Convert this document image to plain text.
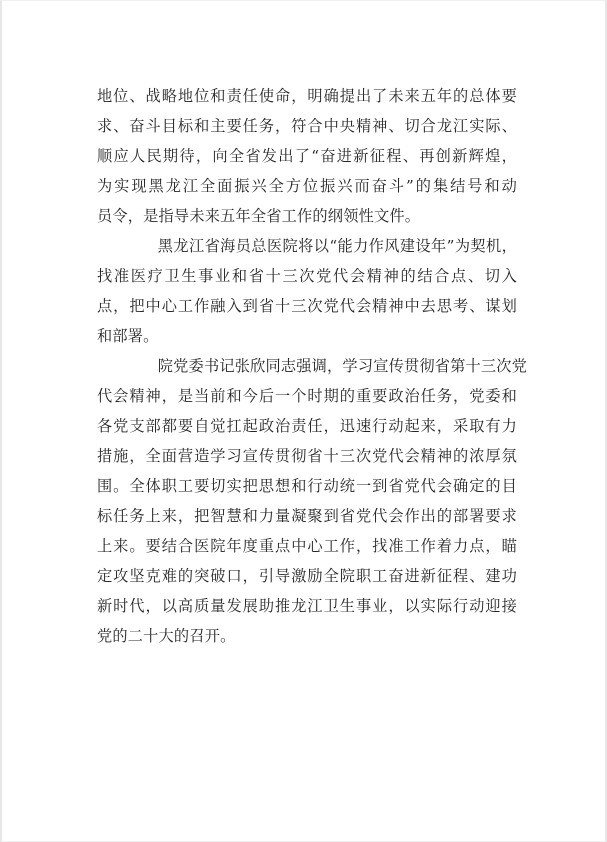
地位、战略地位和责任使命，明确提出了未来五年的总体要
求、奋斗目标和主要任务，符合中央精神、切合龙江实际、
顺应人民期待，向全省发出了“奋进新征程、再创新辉煌，
为实现黑龙江全面振兴全方位振兴而奋斗”的集结号和动
员令，是指导未来五年全省工作的纲领性文件。

黑龙江省海员总医院将以“能力作风建设年”为契机，
找准医疗卫生事业和省十三次党代会精神的结合点、切入
点，把中心工作融入到省十三次党代会精神中去思考、谋划
和部署。

院党委书记张欣同志强调，学习宣传贯彻省第十三次党
代会精神，是当前和今后一个时期的重要政治任务，党委和
各党支部都要自觉扛起政治责任，迅速行动起来，采取有力
措施，全面营造学习宣传贯彻省十三次党代会精神的浓厚氛
围。全体职工要切实把思想和行动统一到省党代会确定的目
标任务上来，把智慧和力量凝聚到省党代会作出的部署要求
上来。要结合医院年度重点中心工作，找准工作着力点，瞄
定攻坚克难的突破口，引导激励全院职工奋进新征程、建功
新时代，以高质量发展助推龙江卫生事业，以实际行动迎接
党的二十大的召开。
